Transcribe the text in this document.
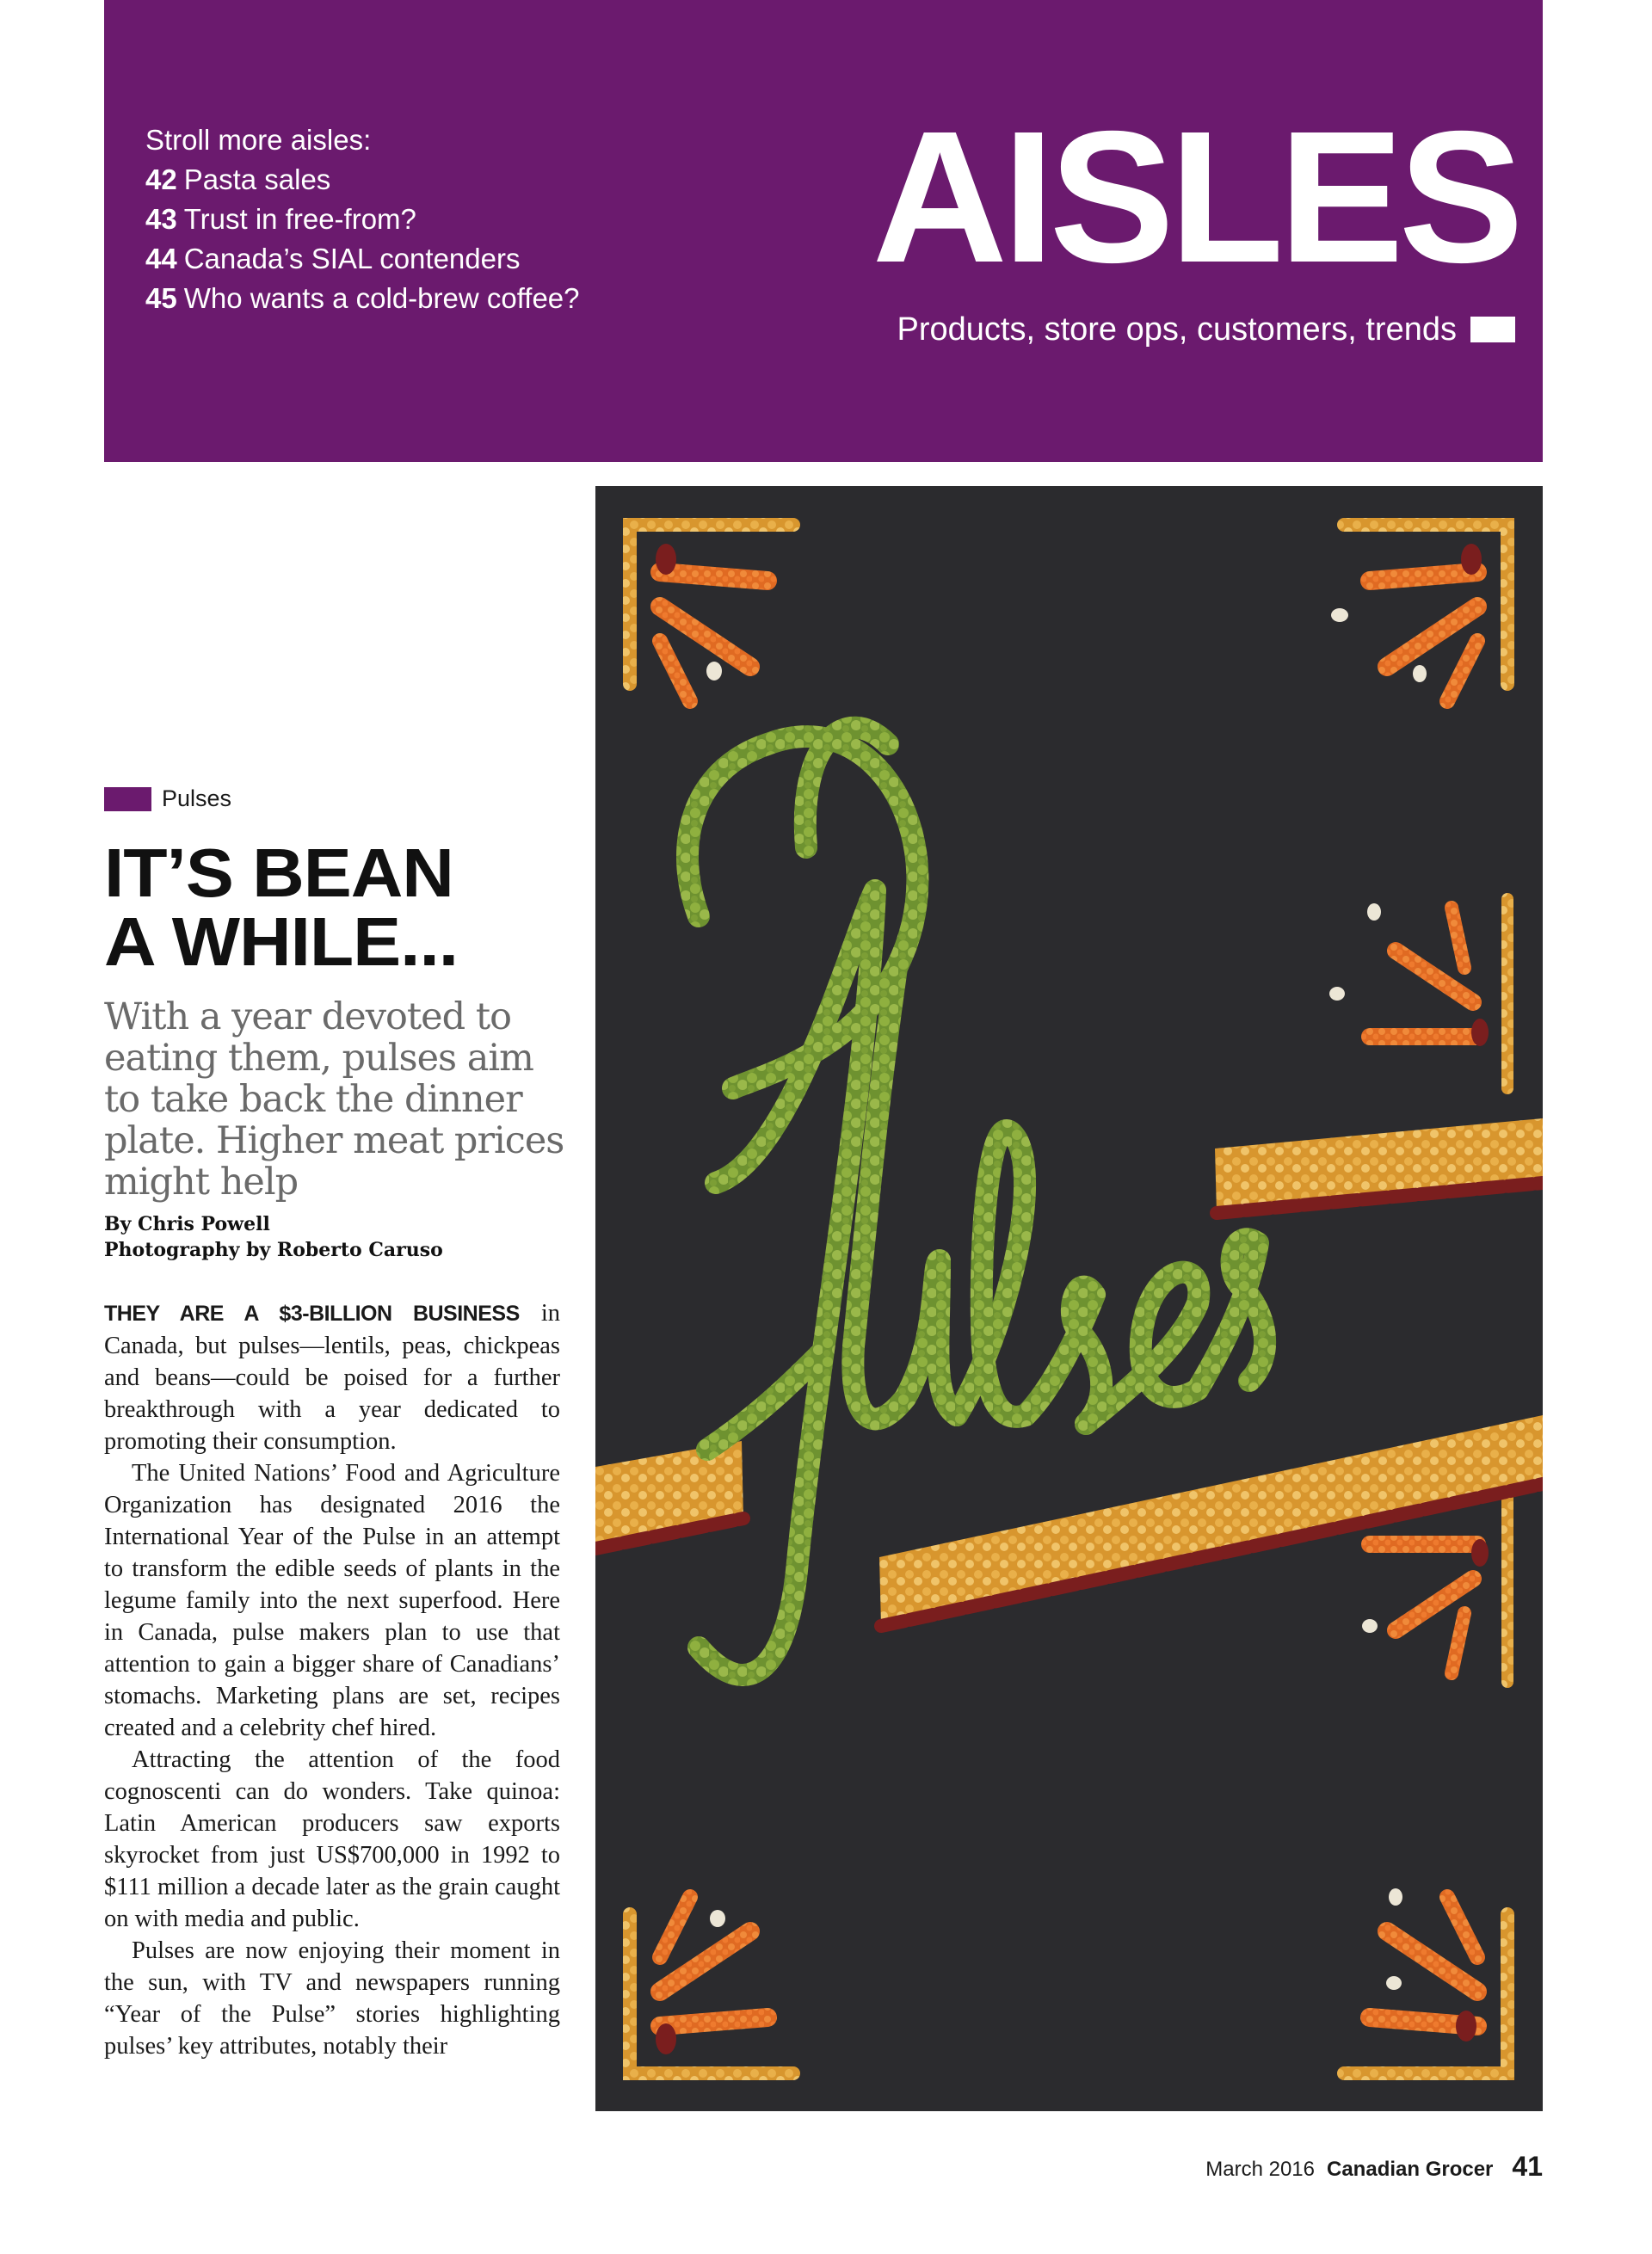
Stroll more aisles:
42 Pasta sales
43 Trust in free-from?
44 Canada’s SIAL contenders
45 Who wants a cold-brew coffee? AISLES
Products, store ops, customers, trends
Pulses
IT’S BEAN
A WHILE...
With a year devoted to eating them, pulses aim to take back the dinner plate. Higher meat prices might help
By Chris Powell
Photography by Roberto Caruso

THEY ARE A $3-BILLION BUSINESS in Canada, but pulses—lentils, peas, chickpeas and beans—could be poised for a further breakthrough with a year dedicated to promoting their consumption.

The United Nations’ Food and Agriculture Organization has designated 2016 the International Year of the Pulse in an attempt to transform the edible seeds of plants in the legume family into the next superfood. Here in Canada, pulse makers plan to use that attention to gain a bigger share of Canadians’ stomachs. Marketing plans are set, recipes created and a celebrity chef hired.

Attracting the attention of the food cognoscenti can do wonders. Take quinoa: Latin American producers saw exports skyrocket from just US$700,000 in 1992 to $111 million a decade later as the grain caught on with media and public.

Pulses are now enjoying their moment in the sun, with TV and newspapers running “Year of the Pulse” stories highlighting pulses’ key attributes, notably their

March 2016 Canadian Grocer 41
